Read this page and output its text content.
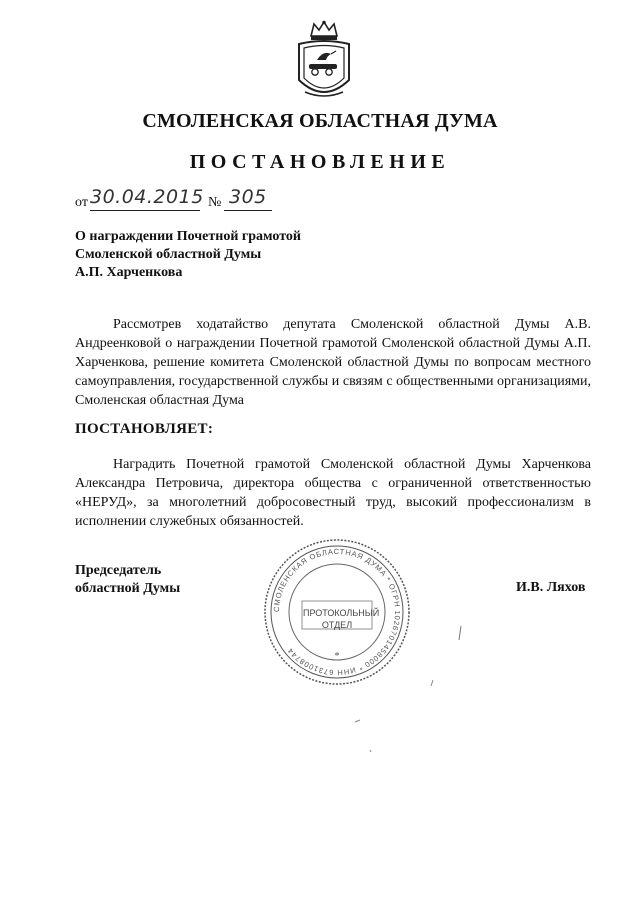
СМОЛЕНСКАЯ ОБЛАСТНАЯ ДУМА
ПОСТАНОВЛЕНИЕ
от 30.04.2015 № 305
О награждении Почетной грамотой
Смоленской областной Думы
А.П. Харченкова
Рассмотрев ходатайство депутата Смоленской областной Думы А.В. Андреенковой о награждении Почетной грамотой Смоленской областной Думы А.П. Харченкова, решение комитета Смоленской областной Думы по вопросам местного самоуправления, государственной службы и связям с общественными организациями, Смоленская областная Дума
ПОСТАНОВЛЯЕТ:
Наградить Почетной грамотой Смоленской областной Думы Харченкова Александра Петровича, директора общества с ограниченной ответственностью «НЕРУД», за многолетний добросовестный труд, высокий профессионализм в исполнении служебных обязанностей.
Председатель
областной Думы	И.В. Ляхов
СМОЛЕНСКАЯ ОБЛАСТНАЯ ДУМА * ОГРН 1026701458000 * ИНН 6731008744
*
ПРОТОКОЛЬНЫЙ
ОТДЕЛ
